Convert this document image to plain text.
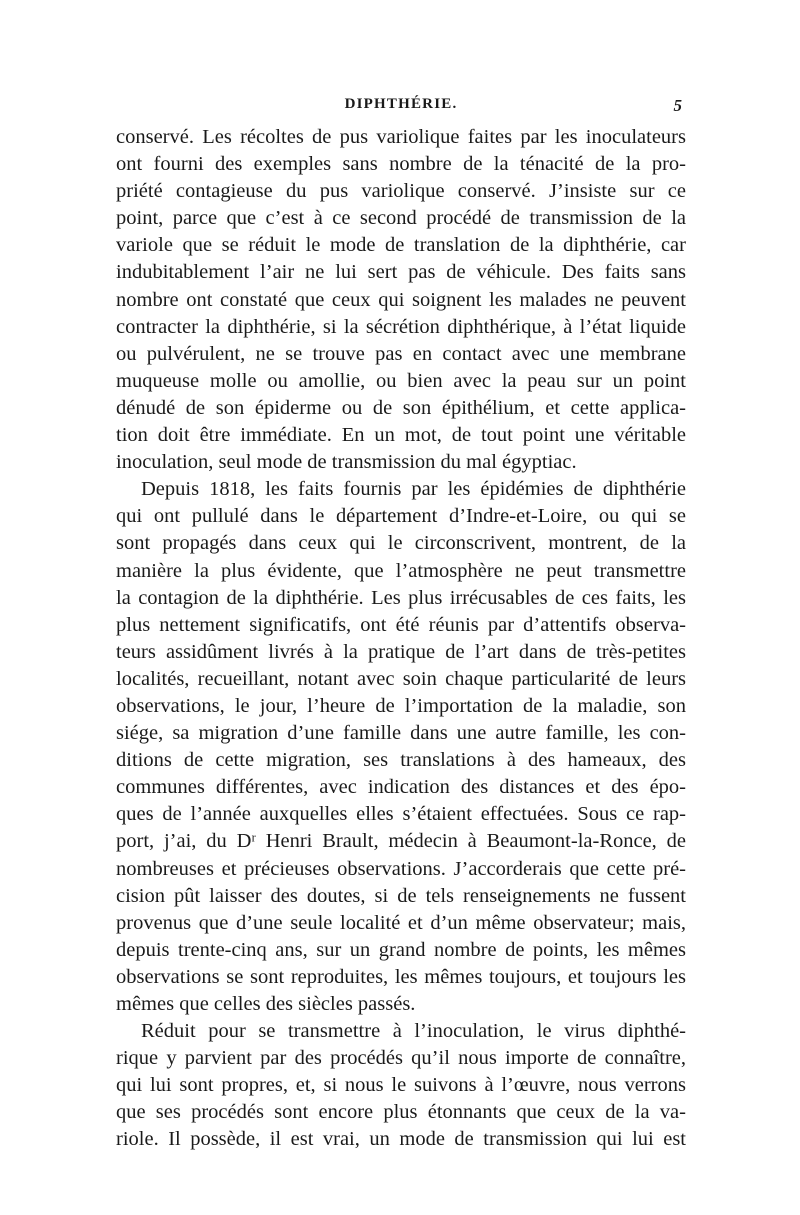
DIPHTHÉRIE.	5
conservé. Les récoltes de pus variolique faites par les inoculateurs
ont fourni des exemples sans nombre de la ténacité de la pro-
priété contagieuse du pus variolique conservé. J’insiste sur ce
point, parce que c’est à ce second procédé de transmission de la
variole que se réduit le mode de translation de la diphthérie, car
indubitablement l’air ne lui sert pas de véhicule. Des faits sans
nombre ont constaté que ceux qui soignent les malades ne peuvent
contracter la diphthérie, si la sécrétion diphthérique, à l’état liquide
ou pulvérulent, ne se trouve pas en contact avec une membrane
muqueuse molle ou amollie, ou bien avec la peau sur un point
dénudé de son épiderme ou de son épithélium, et cette applica-
tion doit être immédiate. En un mot, de tout point une véritable
inoculation, seul mode de transmission du mal égyptiac.
Depuis 1818, les faits fournis par les épidémies de diphthérie
qui ont pullulé dans le département d’Indre-et-Loire, ou qui se
sont propagés dans ceux qui le circonscrivent, montrent, de la
manière la plus évidente, que l’atmosphère ne peut transmettre
la contagion de la diphthérie. Les plus irrécusables de ces faits, les
plus nettement significatifs, ont été réunis par d’attentifs observa-
teurs assidûment livrés à la pratique de l’art dans de très-petites
localités, recueillant, notant avec soin chaque particularité de leurs
observations, le jour, l’heure de l’importation de la maladie, son
siége, sa migration d’une famille dans une autre famille, les con-
ditions de cette migration, ses translations à des hameaux, des
communes différentes, avec indication des distances et des épo-
ques de l’année auxquelles elles s’étaient effectuées. Sous ce rap-
port, j’ai, du Dʳ Henri Brault, médecin à Beaumont-la-Ronce, de
nombreuses et précieuses observations. J’accorderais que cette pré-
cision pût laisser des doutes, si de tels renseignements ne fussent
provenus que d’une seule localité et d’un même observateur; mais,
depuis trente-cinq ans, sur un grand nombre de points, les mêmes
observations se sont reproduites, les mêmes toujours, et toujours les
mêmes que celles des siècles passés.
Réduit pour se transmettre à l’inoculation, le virus diphthé-
rique y parvient par des procédés qu’il nous importe de connaître,
qui lui sont propres, et, si nous le suivons à l’œuvre, nous verrons
que ses procédés sont encore plus étonnants que ceux de la va-
riole. Il possède, il est vrai, un mode de transmission qui lui est
